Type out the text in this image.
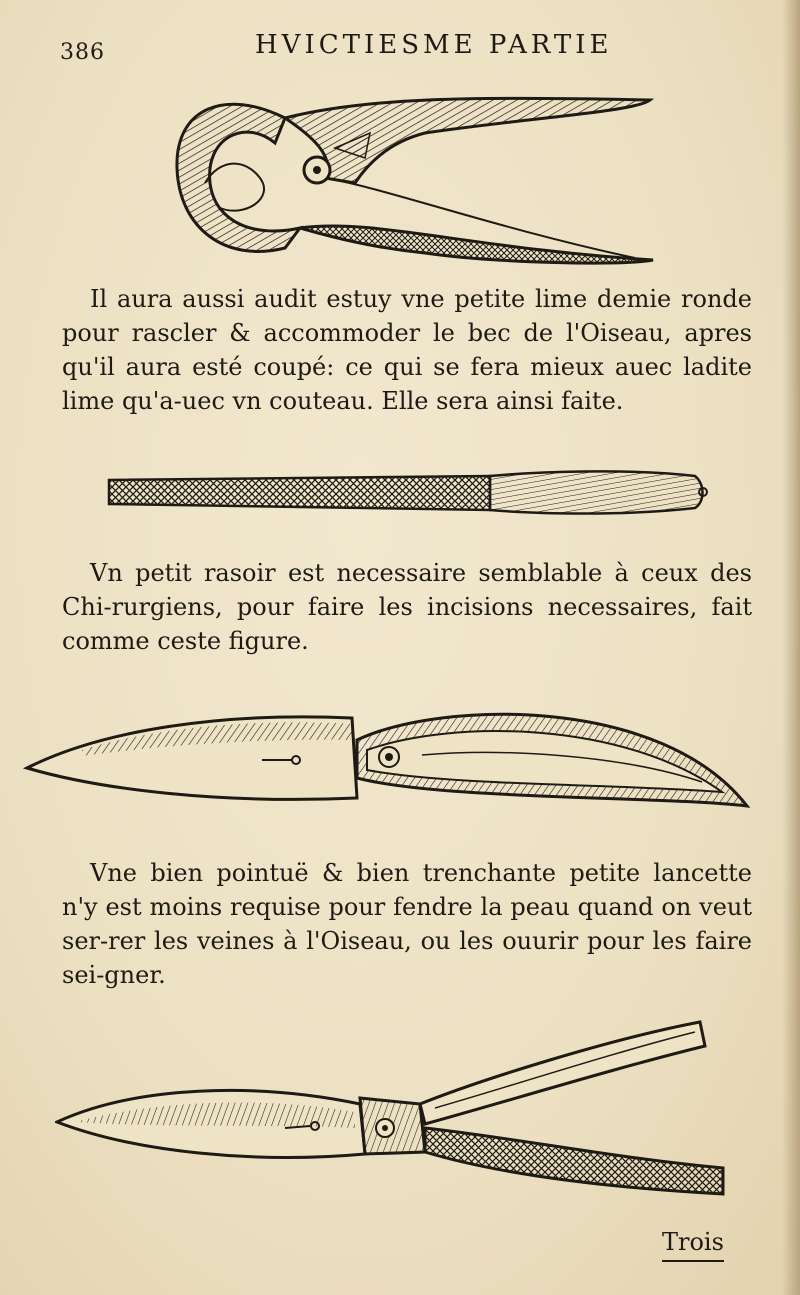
386	HVICTIESME PARTIE

Il aura aussi audit estuy vne petite lime demie ronde pour rascler & accommoder le bec de l'Oiseau, apres qu'il aura esté coupé: ce qui se fera mieux auec ladite lime qu'a-uec vn couteau. Elle sera ainsi faite.

Vn petit rasoir est necessaire semblable à ceux des Chi-rurgiens, pour faire les incisions necessaires, fait comme ceste figure.

Vne bien pointuë & bien trenchante petite lancette n'y est moins requise pour fendre la peau quand on veut ser-rer les veines à l'Oiseau, ou les ouurir pour les faire sei-gner.

Trois
